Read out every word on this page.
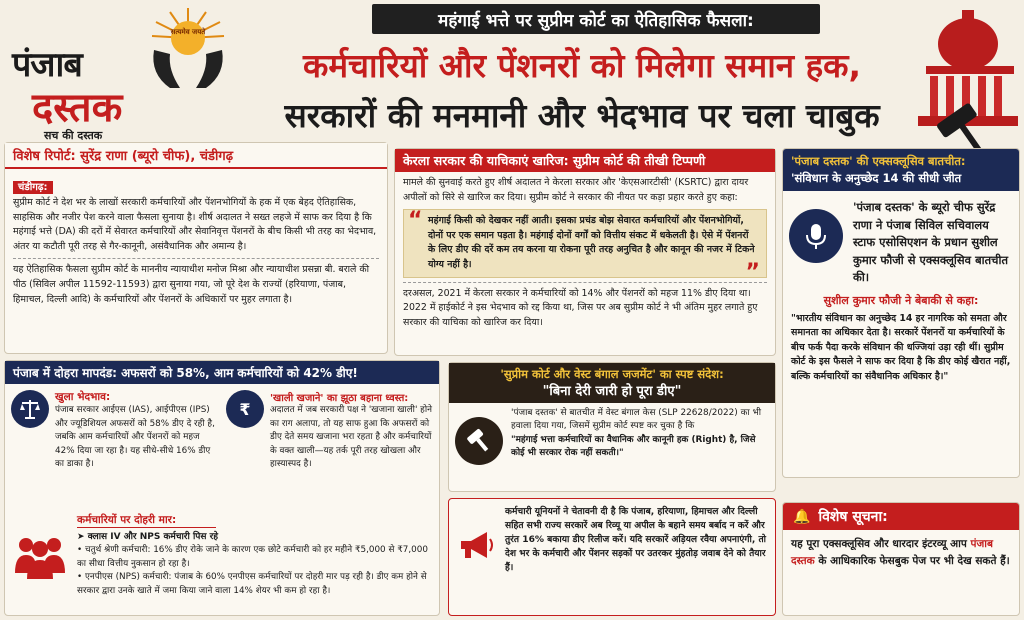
सत्यमेव जयते
पंजाब
दस्तक
सच की दस्तक
महंगाई भत्ते पर सुप्रीम कोर्ट का ऐतिहासिक फैसला:
कर्मचारियों और पेंशनरों को मिलेगा समान हक,
सरकारों की मनमानी और भेदभाव पर चला चाबुक
विशेष रिपोर्ट: सुरेंद्र राणा (ब्यूरो चीफ), चंडीगढ़
चंडीगढ़:

सुप्रीम कोर्ट ने देश भर के लाखों सरकारी कर्मचारियों और पेंशनभोगियों के हक में एक बेहद ऐतिहासिक, साहसिक और नजीर पेश करने वाला फैसला सुनाया है। शीर्ष अदालत ने सख्त लहजे में साफ कर दिया है कि महंगाई भत्ते (DA) की दरों में सेवारत कर्मचारियों और सेवानिवृत्त पेंशनरों के बीच किसी भी तरह का भेदभाव, अंतर या कटौती पूरी तरह से गैर-कानूनी, असंवैधानिक और अमान्य है।

यह ऐतिहासिक फैसला सुप्रीम कोर्ट के माननीय न्यायाधीश मनोज मिश्रा और न्यायाधीश प्रसन्ना बी. बराले की पीठ (सिविल अपील 11592-11593) द्वारा सुनाया गया, जो पूरे देश के राज्यों (हरियाणा, पंजाब, हिमाचल, दिल्ली आदि) के कर्मचारियों और पेंशनरों के अधिकारों पर मुहर लगाता है।

केरला सरकार की याचिकाएं खारिज: सुप्रीम कोर्ट की तीखी टिप्पणी

मामले की सुनवाई करते हुए शीर्ष अदालत ने केरला सरकार और 'केएसआरटीसी' (KSRTC) द्वारा दायर अपीलों को सिरे से खारिज कर दिया। सुप्रीम कोर्ट ने सरकार की नीयत पर कड़ा प्रहार करते हुए कहा:

“ महंगाई किसी को देखकर नहीं आती। इसका प्रचंड बोझ सेवारत कर्मचारियों और पेंशनभोगियों, दोनों पर एक समान पड़ता है। महंगाई दोनों वर्गों को वित्तीय संकट में धकेलती है। ऐसे में पेंशनरों के लिए डीए की दरें कम तय करना या रोकना पूरी तरह अनुचित है और कानून की नजर में टिकने योग्य नहीं है।	”

दरअसल, 2021 में केरला सरकार ने कर्मचारियों को 14% और पेंशनरों को महज 11% डीए दिया था। 2022 में हाईकोर्ट ने इस भेदभाव को रद्द किया था, जिस पर अब सुप्रीम कोर्ट ने भी अंतिम मुहर लगाते हुए सरकार की याचिका को खारिज कर दिया।

'पंजाब दस्तक' की एक्सक्लूसिव बातचीत:
'संविधान के अनुच्छेद 14 की सीधी जीत
'पंजाब दस्तक' के ब्यूरो चीफ सुरेंद्र राणा ने पंजाब सिविल सचिवालय स्टाफ एसोसिएशन के प्रधान सुशील कुमार फौजी से एक्सक्लूसिव बातचीत की।
सुशील कुमार फौजी ने बेबाकी से कहा:

"भारतीय संविधान का अनुच्छेद 14 हर नागरिक को समता और समानता का अधिकार देता है। सरकारें पेंशनरों या कर्मचारियों के बीच फर्क पैदा करके संविधान की धज्जियां उड़ा रही थीं। सुप्रीम कोर्ट के इस फैसले ने साफ कर दिया है कि डीए कोई खैरात नहीं, बल्कि कर्मचारियों का संवैधानिक अधिकार है।"

पंजाब में दोहरा मापदंड: अफसरों को 58%, आम कर्मचारियों को 42% डीए!
खुला भेदभाव:

पंजाब सरकार आईएस (IAS), आईपीएस (IPS) और ज्यूडिशियल अफसरों को 58% डीए दे रही है, जबकि आम कर्मचारियों और पेंशनरों को महज 42% दिया जा रहा है। यह सीधे-सीधे 16% डीए का डाका है।

₹
'खाली खजाने' का झूठा बहाना ध्वस्त:

अदालत में जब सरकारी पक्ष ने 'खजाना खाली' होने का राग अलापा, तो यह साफ हुआ कि अफसरों को डीए देते समय खजाना भरा रहता है और कर्मचारियों के वक्त खाली—यह तर्क पूरी तरह खोखला और हास्यास्पद है।

कर्मचारियों पर दोहरी मार:

➤ क्लास IV और NPS कर्मचारी पिस रहे

• चतुर्थ श्रेणी कर्मचारी: 16% डीए रोके जाने के कारण एक छोटे कर्मचारी को हर महीने ₹5,000 से ₹7,000 का सीधा वित्तीय नुकसान हो रहा है।

• एनपीएस (NPS) कर्मचारी: पंजाब के 60% एनपीएस कर्मचारियों पर दोहरी मार पड़ रही है। डीए कम होने से सरकार द्वारा उनके खाते में जमा किया जाने वाला 14% शेयर भी कम हो रहा है।

'सुप्रीम कोर्ट और वेस्ट बंगाल जजमेंट' का स्पष्ट संदेश:
"बिना देरी जारी हो पूरा डीए"

'पंजाब दस्तक' से बातचीत में वेस्ट बंगाल केस (SLP 22628/2022) का भी हवाला दिया गया, जिसमें सुप्रीम कोर्ट स्पष्ट कर चुका है कि

"महंगाई भत्ता कर्मचारियों का वैधानिक और कानूनी हक (Right) है, जिसे कोई भी सरकार रोक नहीं सकती।"

कर्मचारी यूनियनों ने चेतावनी दी है कि पंजाब, हरियाणा, हिमाचल और दिल्ली सहित सभी राज्य सरकारें अब रिव्यू या अपील के बहाने समय बर्बाद न करें और तुरंत 16% बकाया डीए रिलीज करें। यदि सरकारें अड़ियल रवैया अपनाएंगी, तो देश भर के कर्मचारी और पेंशनर सड़कों पर उतरकर मुंहतोड़ जवाब देने को तैयार हैं।

🔔 विशेष सूचना:

यह पूरा एक्सक्लूसिव और धारदार इंटरव्यू आप पंजाब दस्तक के आधिकारिक फेसबुक पेज पर भी देख सकते हैं।
